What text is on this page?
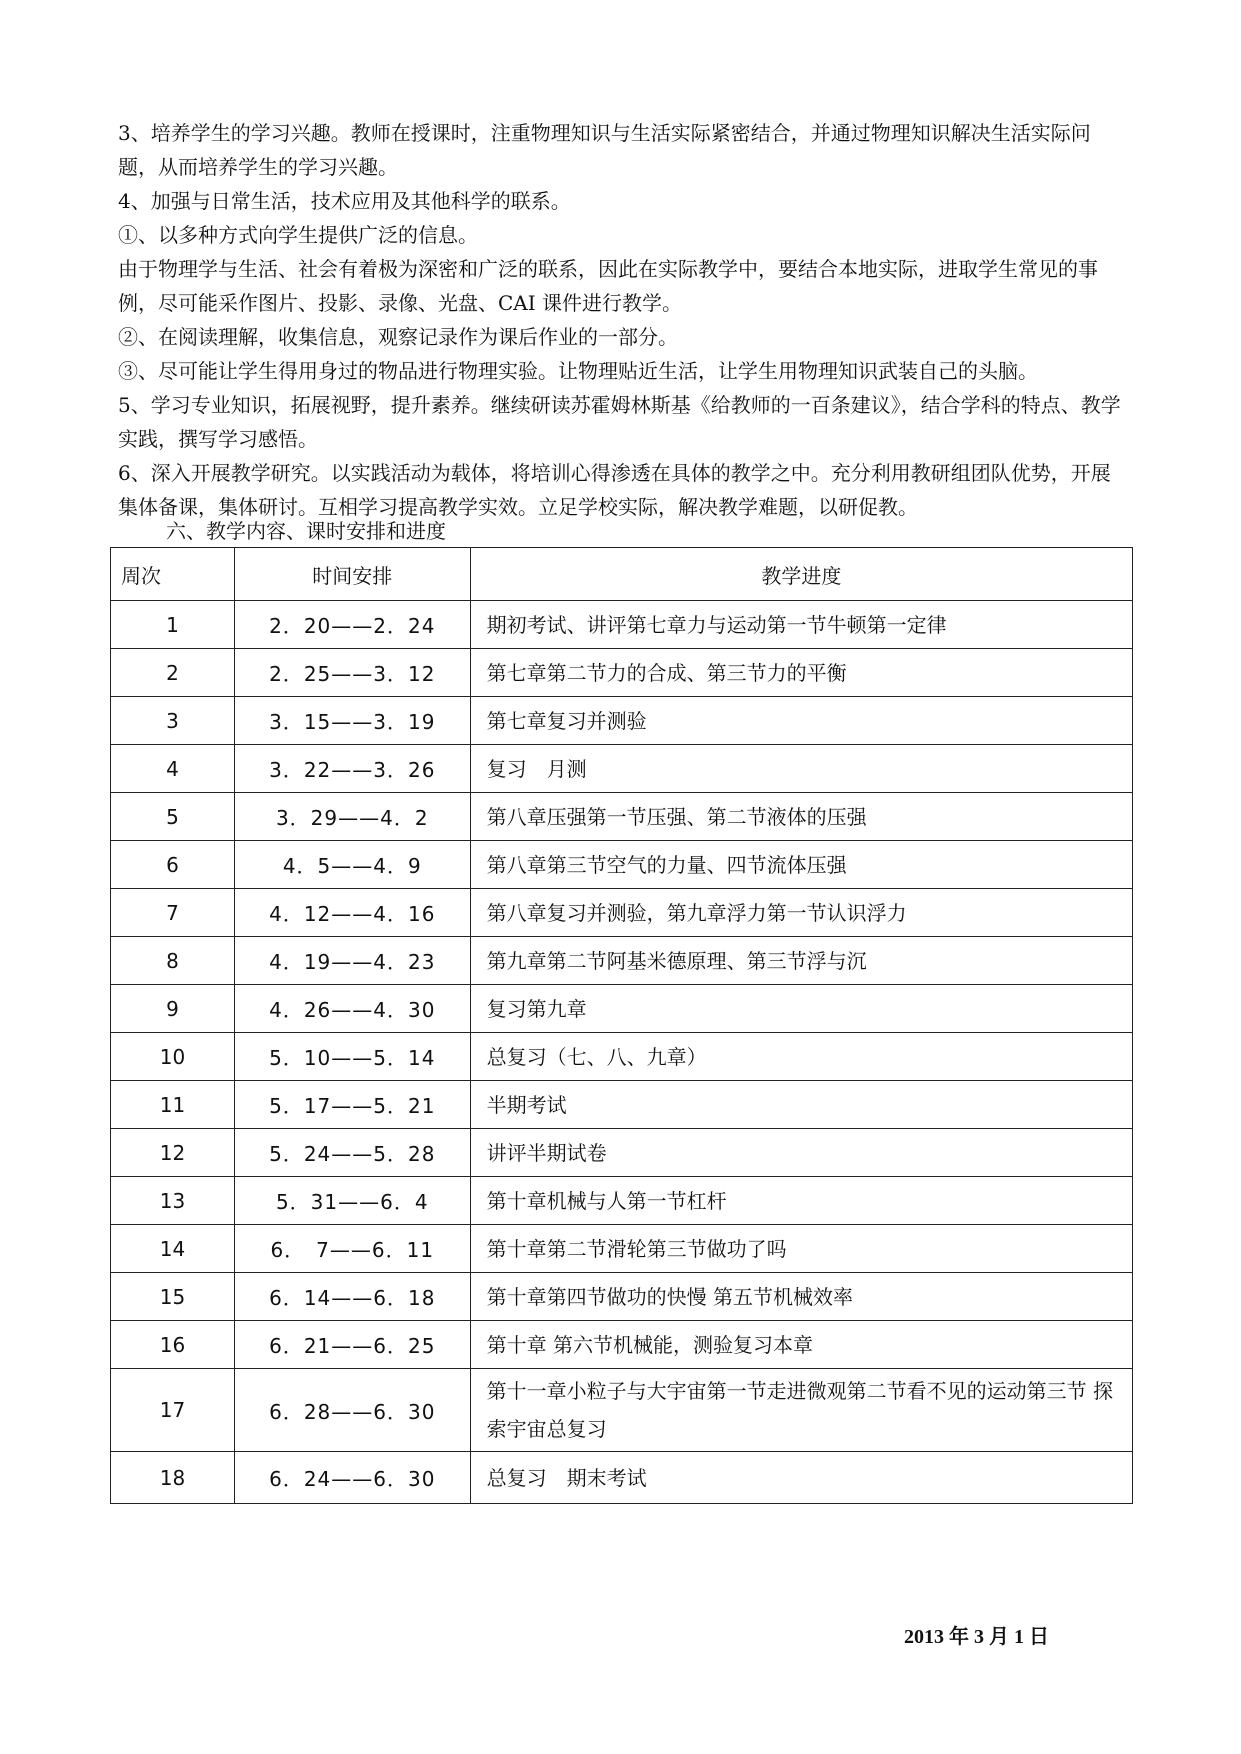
3、培养学生的学习兴趣。教师在授课时，注重物理知识与生活实际紧密结合，并通过物理知识解决生活实际问题，从而培养学生的学习兴趣。

4、加强与日常生活，技术应用及其他科学的联系。

①、以多种方式向学生提供广泛的信息。

由于物理学与生活、社会有着极为深密和广泛的联系，因此在实际教学中，要结合本地实际，进取学生常见的事例，尽可能采作图片、投影、录像、光盘、CAI 课件进行教学。

②、在阅读理解，收集信息，观察记录作为课后作业的一部分。

③、尽可能让学生得用身过的物品进行物理实验。让物理贴近生活，让学生用物理知识武装自己的头脑。

5、学习专业知识，拓展视野，提升素养。继续研读苏霍姆林斯基《给教师的一百条建议》，结合学科的特点、教学实践，撰写学习感悟。

6、深入开展教学研究。以实践活动为载体，将培训心得渗透在具体的教学之中。充分利用教研组团队优势，开展集体备课，集体研讨。互相学习提高教学实效。立足学校实际，解决教学难题，以研促教。

六、教学内容、课时安排和进度
周次	时间安排	教学进度
1	2．20——2．24	期初考试、讲评第七章力与运动第一节牛顿第一定律
2	2．25——3．12	第七章第二节力的合成、第三节力的平衡
3	3．15——3．19	第七章复习并测验
4	3．22——3．26	复习　月测
5	3．29——4．2	第八章压强第一节压强、第二节液体的压强
6	4．5——4．9	第八章第三节空气的力量、四节流体压强
7	4．12——4．16	第八章复习并测验，第九章浮力第一节认识浮力
8	4．19——4．23	第九章第二节阿基米德原理、第三节浮与沉
9	4．26——4．30	复习第九章
10	5．10——5．14	总复习（七、八、九章）
11	5．17——5．21	半期考试
12	5．24——5．28	讲评半期试卷
13	5．31——6．4	第十章机械与人第一节杠杆
14	6．　7——6．11	第十章第二节滑轮第三节做功了吗
15	6．14——6．18	第十章第四节做功的快慢 第五节机械效率
16	6．21——6．25	第十章 第六节机械能，测验复习本章
17	6．28——6．30	第十一章小粒子与大宇宙第一节走进微观第二节看不见的运动第三节 探索宇宙总复习
18	6．24——6．30	总复习　期末考试
2013 年 3 月 1 日
